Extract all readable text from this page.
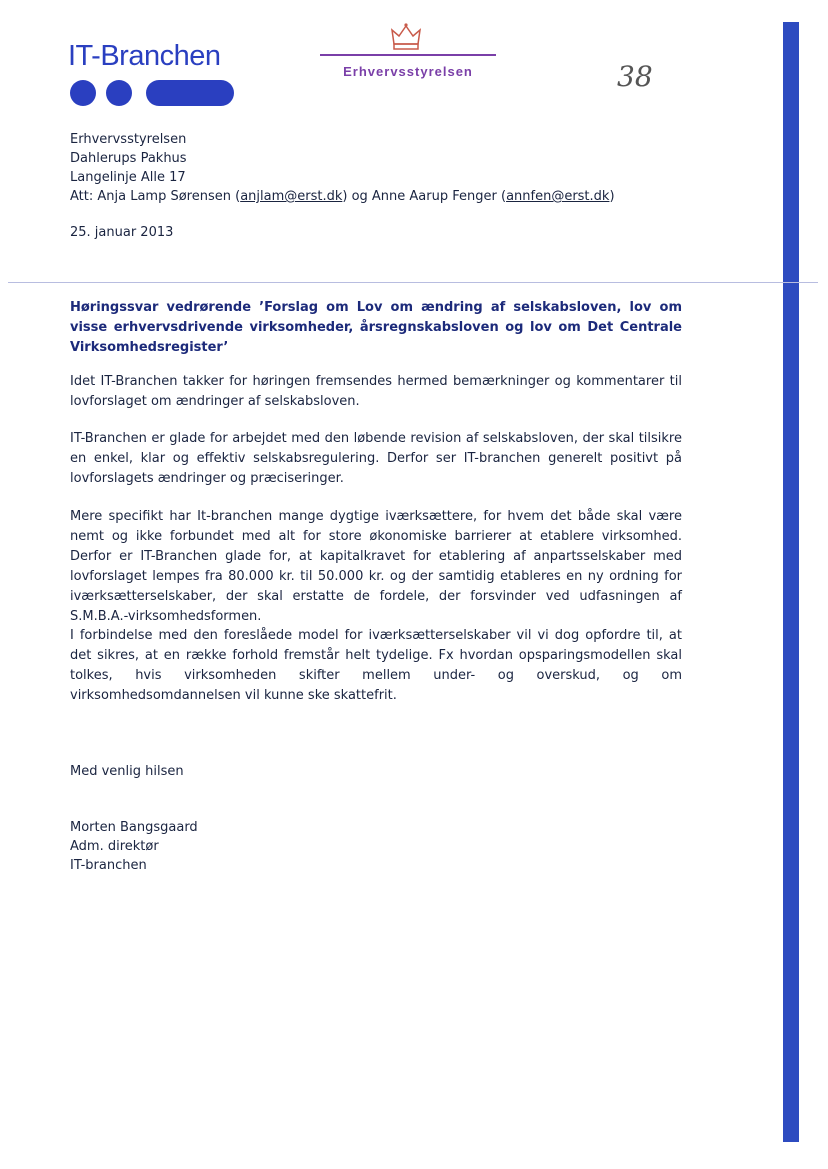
IT-Branchen	Erhvervsstyrelsen	38
Erhvervsstyrelsen
Dahlerups Pakhus
Langelinje Alle 17
Att: Anja Lamp Sørensen (anjlam@erst.dk) og Anne Aarup Fenger (annfen@erst.dk)
25. januar 2013
Høringssvar vedrørende ’Forslag om Lov om ændring af selskabsloven, lov om visse erhvervsdrivende virksomheder, årsregnskabsloven og lov om Det Centrale Virksomhedsregister’
Idet IT-Branchen takker for høringen fremsendes hermed bemærkninger og kommentarer til lovforslaget om ændringer af selskabsloven.
IT-Branchen er glade for arbejdet med den løbende revision af selskabsloven, der skal tilsikre en enkel, klar og effektiv selskabsregulering. Derfor ser IT-branchen generelt positivt på lovforslagets ændringer og præciseringer.
Mere specifikt har It-branchen mange dygtige iværksættere, for hvem det både skal være nemt og ikke forbundet med alt for store økonomiske barrierer at etablere virksomhed. Derfor er IT-Branchen glade for, at kapitalkravet for etablering af anpartsselskaber med lovforslaget lempes fra 80.000 kr. til 50.000 kr. og der samtidig etableres en ny ordning for iværksætterselskaber, der skal erstatte de fordele, der forsvinder ved udfasningen af S.M.B.A.-virksomhedsformen.
I forbindelse med den foreslåede model for iværksætterselskaber vil vi dog opfordre til, at det sikres, at en række forhold fremstår helt tydelige. Fx hvordan opsparingsmodellen skal tolkes, hvis virksomheden skifter mellem under- og overskud, og om virksomhedsomdannelsen vil kunne ske skattefrit.
Med venlig hilsen
Morten Bangsgaard
Adm. direktør
IT-branchen
